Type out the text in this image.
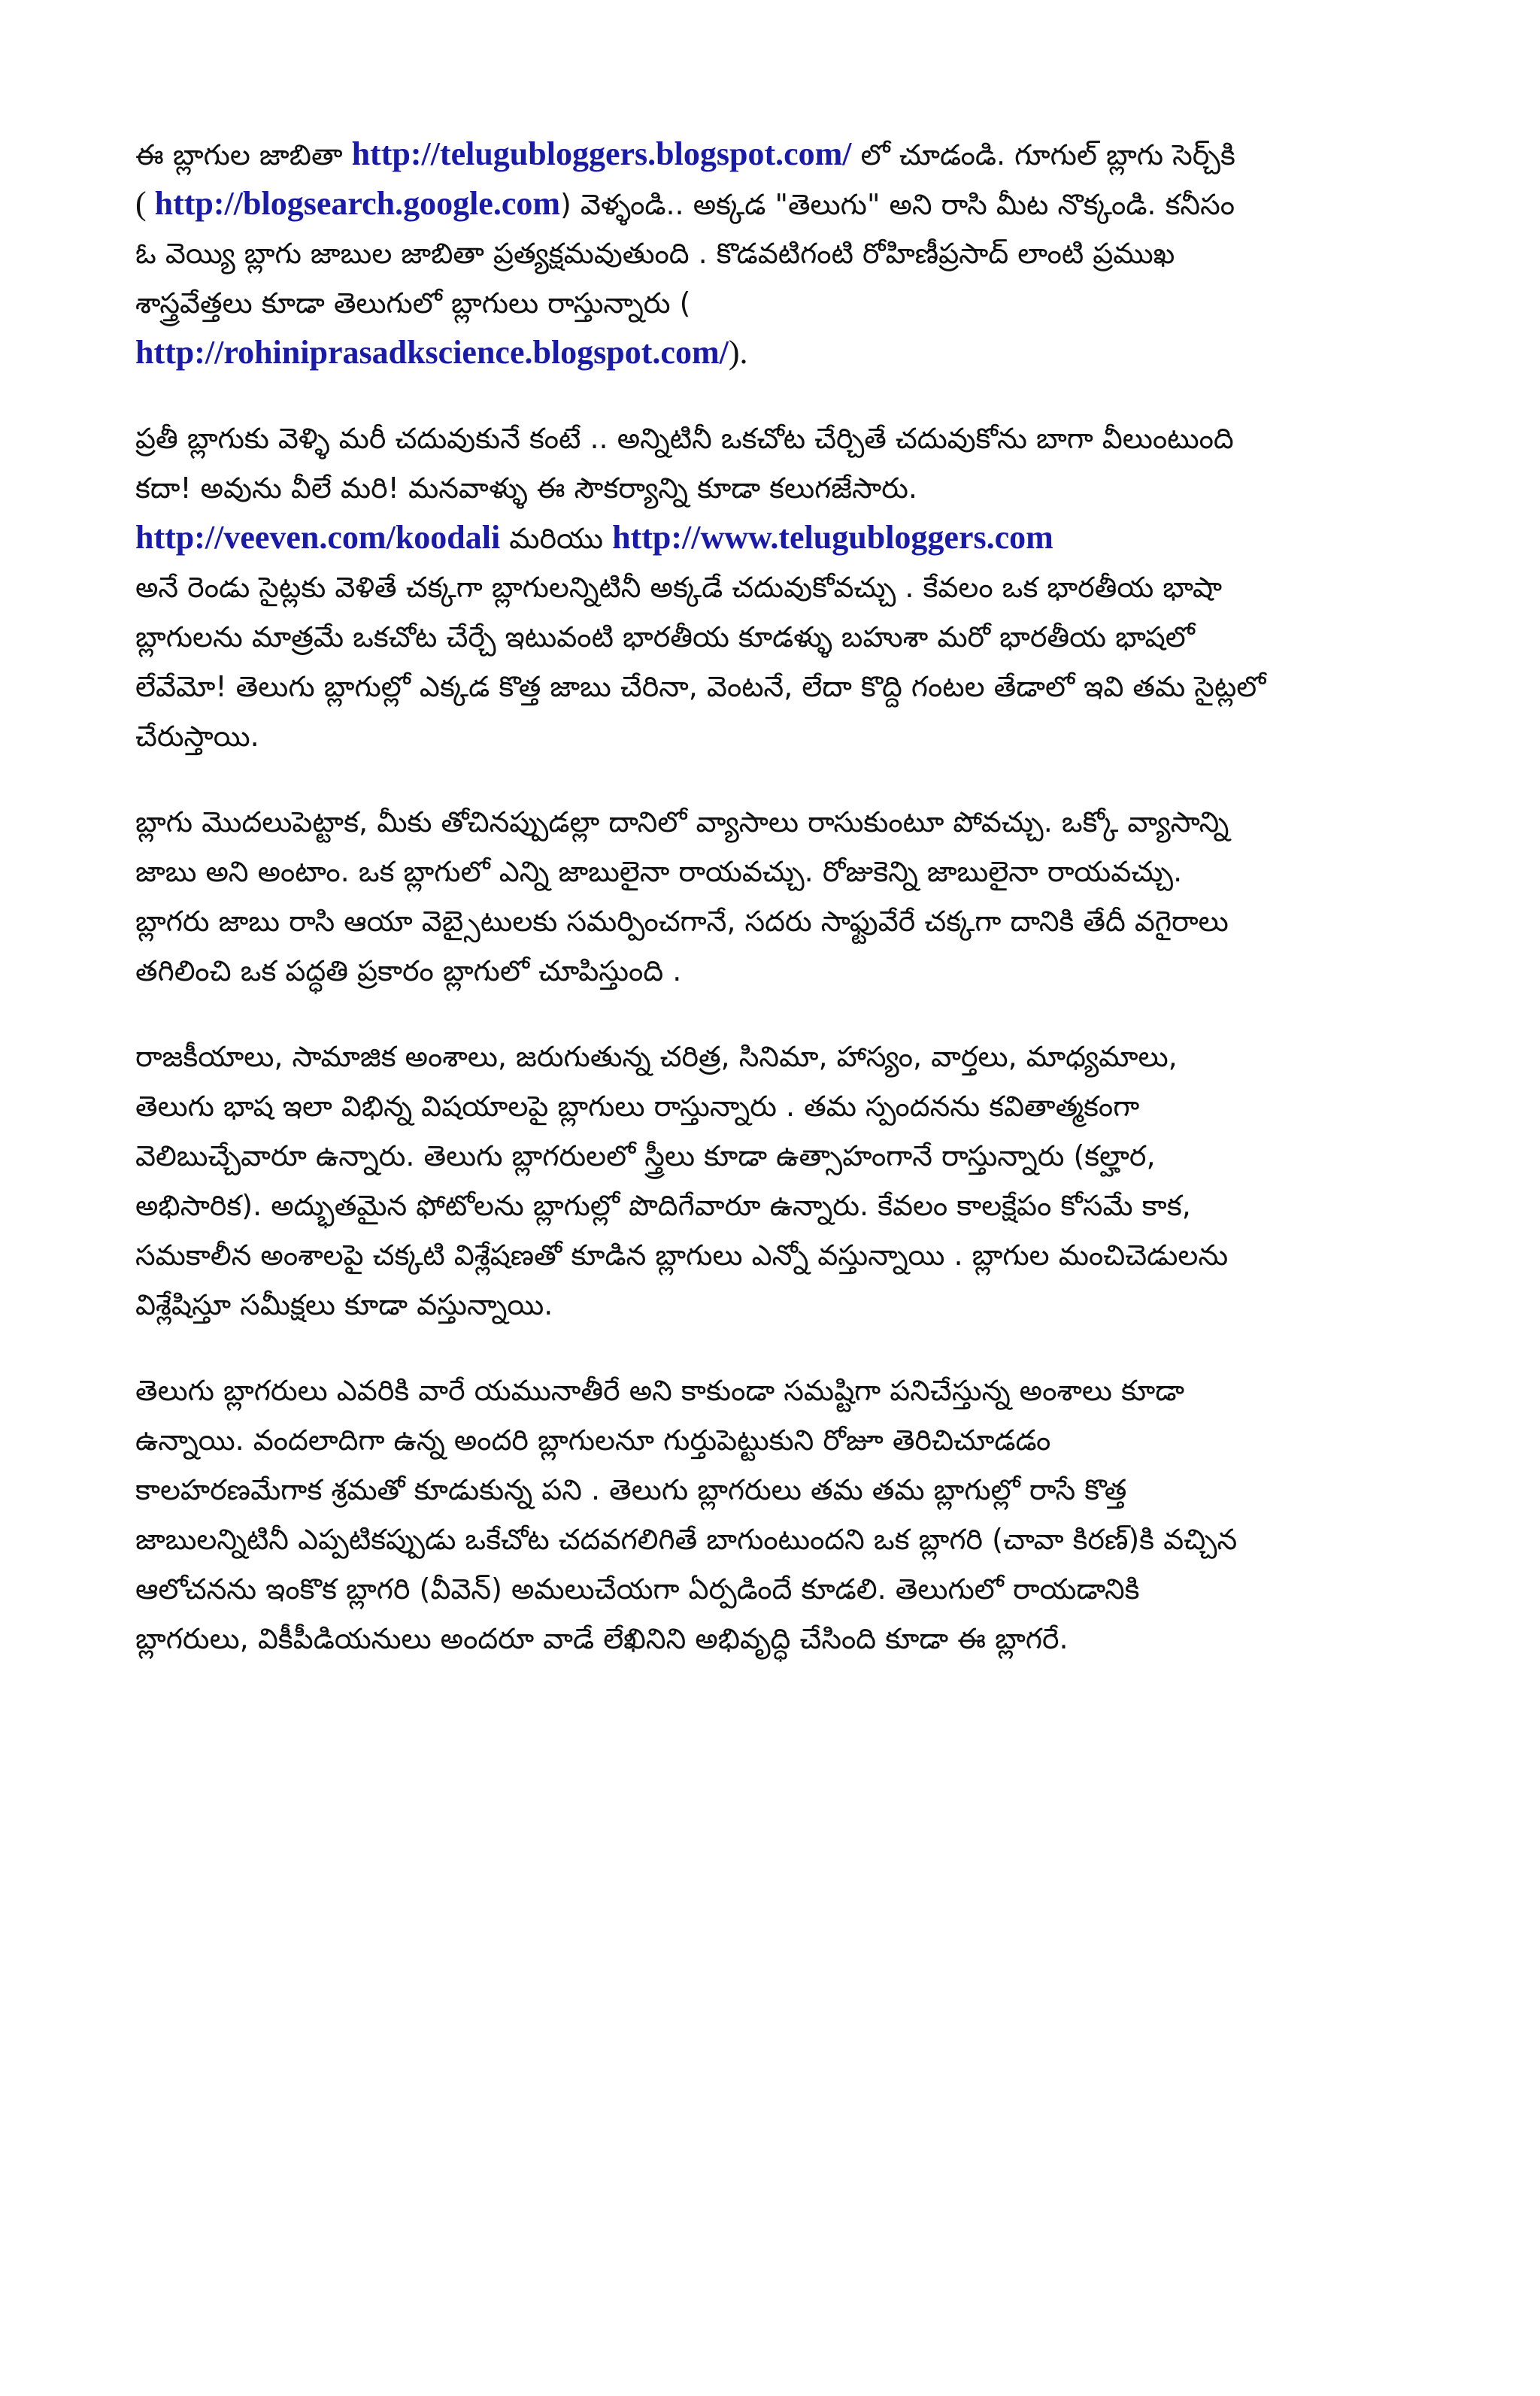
ఈ బ్లాగుల జాబితా http://telugubloggers.blogspot.com/ లో చూడండి. గూగుల్ బ్లాగు సెర్చ్‌కి
( http://blogsearch.google.com) వెళ్ళండి.. అక్కడ "తెలుగు" అని రాసి మీట నొక్కండి. కనీసం
ఓ వెయ్యి బ్లాగు జాబుల జాబితా ప్రత్యక్షమవుతుంది . కొడవటిగంటి రోహిణీప్రసాద్ లాంటి ప్రముఖ
శాస్త్రవేత్తలు కూడా తెలుగులో బ్లాగులు రాస్తున్నారు (
http://rohiniprasadkscience.blogspot.com/).
ప్రతీ బ్లాగుకు వెళ్ళి మరీ చదువుకునే కంటే .. అన్నిటినీ ఒకచోట చేర్చితే చదువుకోను బాగా వీలుంటుంది
కదా! అవును వీలే మరి! మనవాళ్ళు ఈ సౌకర్యాన్ని కూడా కలుగజేసారు.
http://veeven.com/koodali మరియు http://www.telugubloggers.com
అనే రెండు సైట్లకు వెళితే చక్కగా బ్లాగులన్నిటినీ అక్కడే చదువుకోవచ్చు . కేవలం ఒక భారతీయ భాషా
బ్లాగులను మాత్రమే ఒకచోట చేర్చే ఇటువంటి భారతీయ కూడళ్ళు బహుశా మరో భారతీయ భాషలో
లేవేమో! తెలుగు బ్లాగుల్లో ఎక్కడ కొత్త జాబు చేరినా, వెంటనే, లేదా కొద్ది గంటల తేడాలో ఇవి తమ సైట్లలో
చేరుస్తాయి.
బ్లాగు మొదలుపెట్టాక, మీకు తోచినప్పుడల్లా దానిలో వ్యాసాలు రాసుకుంటూ పోవచ్చు. ఒక్కో వ్యాసాన్ని
జాబు అని అంటాం. ఒక బ్లాగులో ఎన్ని జాబులైనా రాయవచ్చు. రోజుకెన్ని జాబులైనా రాయవచ్చు.
బ్లాగరు జాబు రాసి ఆయా వెబ్సైటులకు సమర్పించగానే, సదరు సాఫ్టువేరే చక్కగా దానికి తేదీ వగైరాలు
తగిలించి ఒక పద్ధతి ప్రకారం బ్లాగులో చూపిస్తుంది .
రాజకీయాలు, సామాజిక అంశాలు, జరుగుతున్న చరిత్ర, సినిమా, హాస్యం, వార్తలు, మాధ్యమాలు,
తెలుగు భాష ఇలా విభిన్న విషయాలపై బ్లాగులు రాస్తున్నారు . తమ స్పందనను కవితాత్మకంగా
వెలిబుచ్చేవారూ ఉన్నారు. తెలుగు బ్లాగరులలో స్త్రీలు కూడా ఉత్సాహంగానే రాస్తున్నారు (కల్హార,
అభిసారిక). అద్భుతమైన ఫోటోలను బ్లాగుల్లో పొదిగేవారూ ఉన్నారు. కేవలం కాలక్షేపం కోసమే కాక,
సమకాలీన అంశాలపై చక్కటి విశ్లేషణతో కూడిన బ్లాగులు ఎన్నో వస్తున్నాయి . బ్లాగుల మంచిచెడులను
విశ్లేషిస్తూ సమీక్షలు కూడా వస్తున్నాయి.
తెలుగు బ్లాగరులు ఎవరికి వారే యమునాతీరే అని కాకుండా సమష్టిగా పనిచేస్తున్న అంశాలు కూడా
ఉన్నాయి. వందలాదిగా ఉన్న అందరి బ్లాగులనూ గుర్తుపెట్టుకుని రోజూ తెరిచిచూడడం
కాలహరణమేగాక శ్రమతో కూడుకున్న పని . తెలుగు బ్లాగరులు తమ తమ బ్లాగుల్లో రాసే కొత్త
జాబులన్నిటినీ ఎప్పటికప్పుడు ఒకేచోట చదవగలిగితే బాగుంటుందని ఒక బ్లాగరి (చావా కిరణ్)కి వచ్చిన
ఆలోచనను ఇంకొక బ్లాగరి (వీవెన్) అమలుచేయగా ఏర్పడిందే కూడలి. తెలుగులో రాయడానికి
బ్లాగరులు, వికీపీడియనులు అందరూ వాడే లేఖినిని అభివృద్ధి చేసింది కూడా ఈ బ్లాగరే.
